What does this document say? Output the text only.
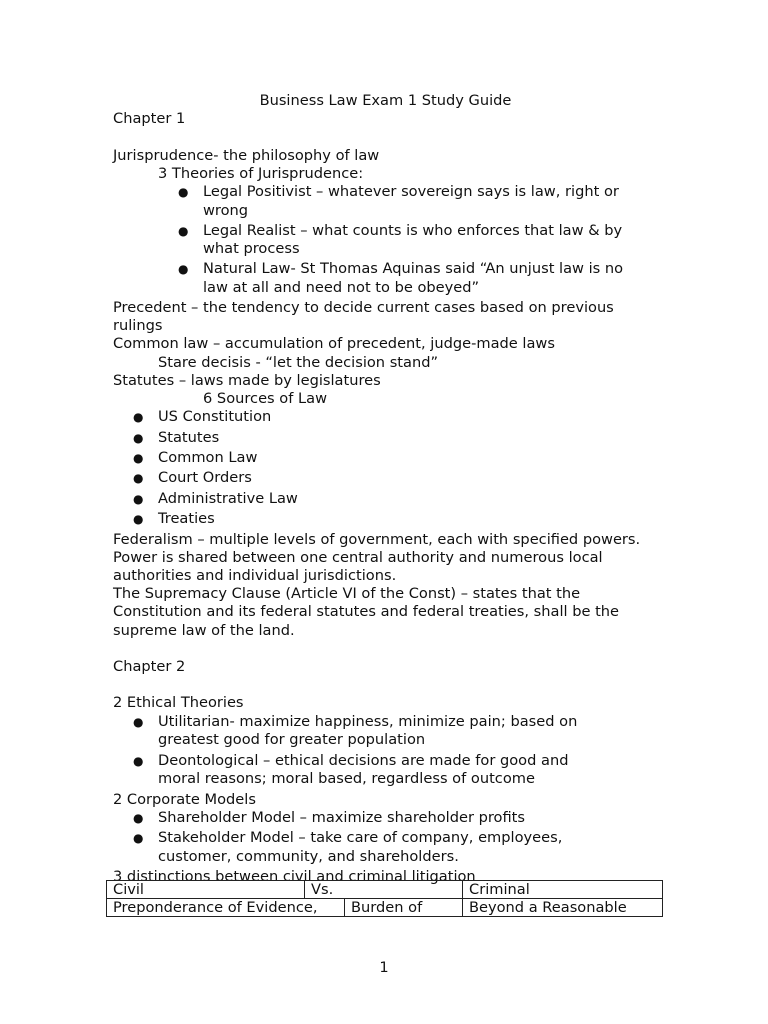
Business Law Exam 1 Study Guide
Chapter 1
Jurisprudence- the philosophy of law
3 Theories of Jurisprudence:
● Legal Positivist – whatever sovereign says is law, right or wrong
● Legal Realist – what counts is who enforces that law & by what process
● Natural Law- St Thomas Aquinas said “An unjust law is no law at all and need not to be obeyed”
Precedent – the tendency to decide current cases based on previous rulings
Common law – accumulation of precedent, judge-made laws
Stare decisis - “let the decision stand”
Statutes – laws made by legislatures
6 Sources of Law
● US Constitution
● Statutes
● Common Law
● Court Orders
● Administrative Law
● Treaties
Federalism – multiple levels of government, each with specified powers. Power is shared between one central authority and numerous local authorities and individual jurisdictions.
The Supremacy Clause (Article VI of the Const) – states that the Constitution and its federal statutes and federal treaties, shall be the supreme law of the land.
Chapter 2
2 Ethical Theories
● Utilitarian- maximize happiness, minimize pain; based on greatest good for greater population
● Deontological – ethical decisions are made for good and moral reasons; moral based, regardless of outcome
2 Corporate Models
● Shareholder Model – maximize shareholder profits
● Stakeholder Model – take care of company, employees, customer, community, and shareholders.
3 distinctions between civil and criminal litigation
Civil	Vs.		Criminal
Preponderance of Evidence,		Burden of	Beyond a Reasonable
1
